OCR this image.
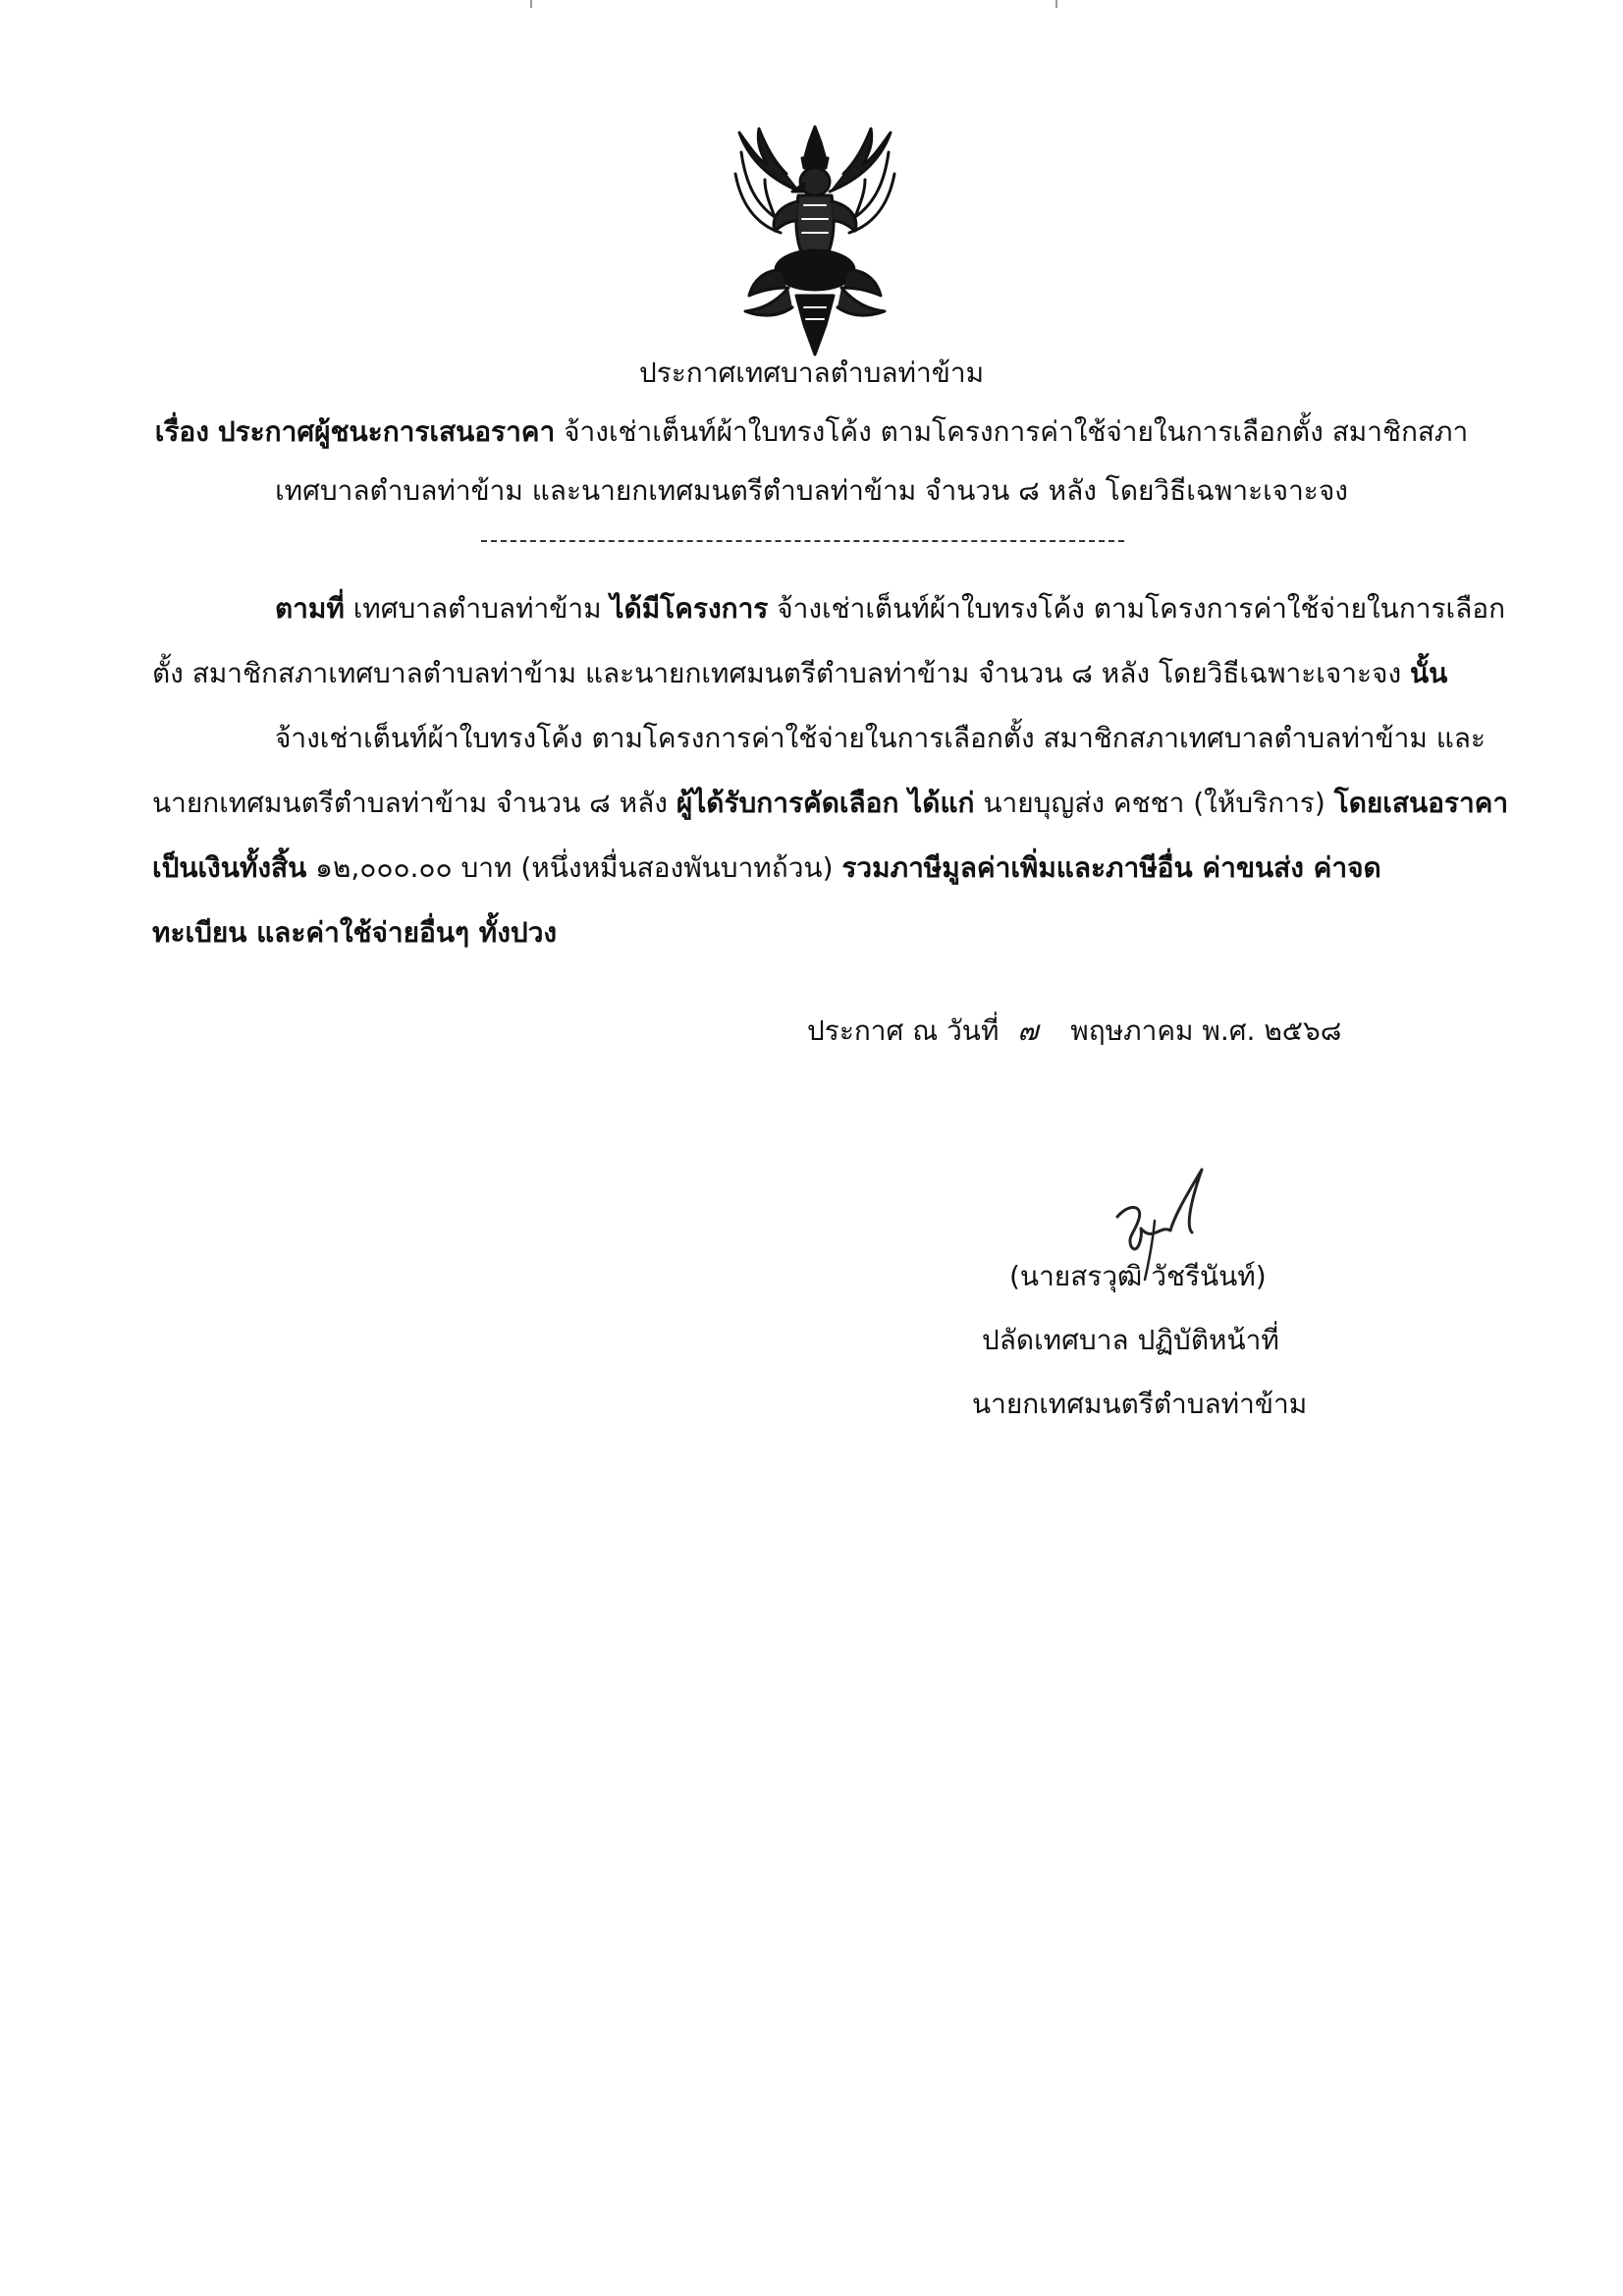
ประกาศเทศบาลตำบลท่าข้าม
เรื่อง ประกาศผู้ชนะการเสนอราคา จ้างเช่าเต็นท์ผ้าใบทรงโค้ง ตามโครงการค่าใช้จ่ายในการเลือกตั้ง สมาชิกสภา
เทศบาลตำบลท่าข้าม และนายกเทศมนตรีตำบลท่าข้าม จำนวน ๘ หลัง โดยวิธีเฉพาะเจาะจง
ตามที่ เทศบาลตำบลท่าข้าม ได้มีโครงการ จ้างเช่าเต็นท์ผ้าใบทรงโค้ง ตามโครงการค่าใช้จ่ายในการเลือก
ตั้ง สมาชิกสภาเทศบาลตำบลท่าข้าม และนายกเทศมนตรีตำบลท่าข้าม จำนวน ๘ หลัง โดยวิธีเฉพาะเจาะจง นั้น
จ้างเช่าเต็นท์ผ้าใบทรงโค้ง ตามโครงการค่าใช้จ่ายในการเลือกตั้ง สมาชิกสภาเทศบาลตำบลท่าข้าม และ
นายกเทศมนตรีตำบลท่าข้าม จำนวน ๘ หลัง ผู้ได้รับการคัดเลือก ได้แก่ นายบุญส่ง คชชา (ให้บริการ) โดยเสนอราคา
เป็นเงินทั้งสิ้น ๑๒,๐๐๐.๐๐ บาท (หนึ่งหมื่นสองพันบาทถ้วน) รวมภาษีมูลค่าเพิ่มและภาษีอื่น ค่าขนส่ง ค่าจด
ทะเบียน และค่าใช้จ่ายอื่นๆ ทั้งปวง
ประกาศ ณ วันที่ ๗ พฤษภาคม พ.ศ. ๒๕๖๘
(นายสรวุฒิ วัชรีนันท์)
ปลัดเทศบาล ปฏิบัติหน้าที่
นายกเทศมนตรีตำบลท่าข้าม
